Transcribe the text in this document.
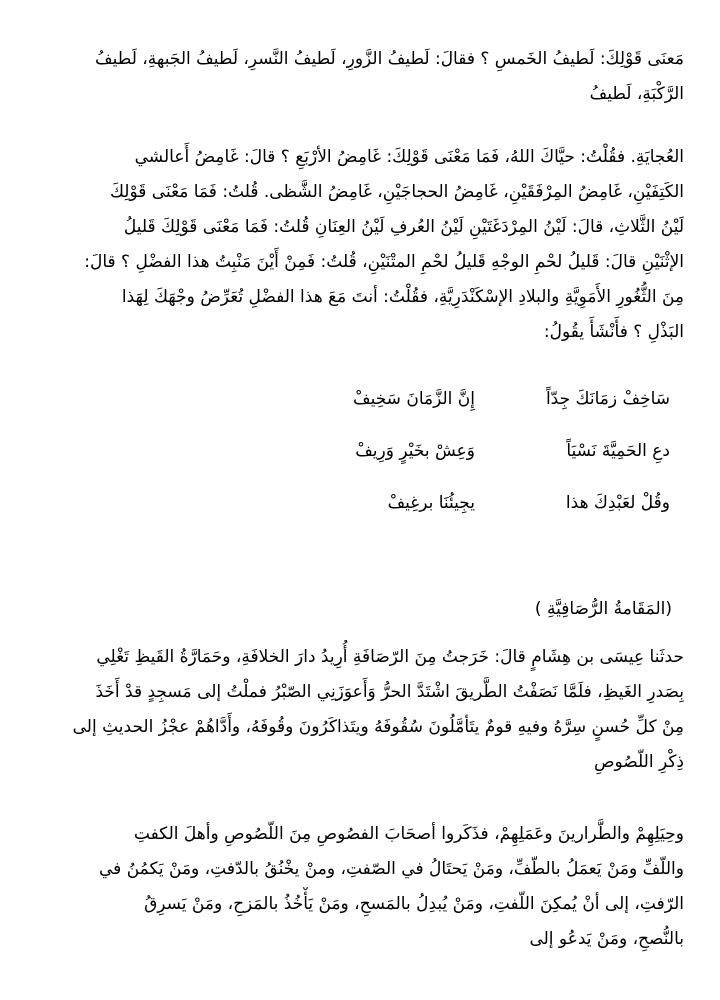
مَعنَى قَوْلِكَ: لَطيفُ الخَمسِ ؟ فقالَ: لَطيفُ الزَّورِ، لَطيفُ النَّسرِ، لَطيفُ الجَبهةِ، لَطيفُ
الرَّكْبَةِ، لَطيفُ
العُجايَةِ. فقُلْتُ: حيَّاكَ اللهُ، فَمَا مَعْنَى قَوْلِكَ: غَامِضُ الأرْبَعِ ؟ قالَ: غَامِضُ أَعالشي
الكَتِفَيْنِ، غَامِضُ المِرْفَقَيْنِ، غَامِضُ الحجاجَيْنِ، غَامِضُ الشَّظى. قُلتُ: فَمَا مَعْنَى قَوْلِكَ
لَيْنُ الثَّلاثِ، قالَ: لَيْنُ المِرْدَغَتَيْنِ لَيْنُ العُرفِ لَيْنُ العِنَانِ قُلتُ: فَمَا مَعْنَى قَوْلِكَ قَليلُ
الإثْنَيْنِ قالَ: قَليلُ لحْمِ الوجْهِ قَليلُ لحْمِ المتْنَيْنِ، قُلتُ: فَمِنْ أَيْنَ مَنْبِتُ هذا الفضْلِ ؟ قالَ:
مِنَ الثُّغُورِ الأَمَوِيَّةِ والبلادِ الإسْكَنْدَرِيَّةِ، فقُلْتُ: أنتَ مَعَ هذا الفضْلِ تُعَرِّضُ وجْهَكَ لِهَذا
البَذْلِ ؟ فأَنْشَأَ يقُولُ:
سَاخِفْ زمَانَكَ جِدّاً
إِنَّ الزَّمَانَ سَخِيفْ
دعِ الحَمِيَّةَ نَسْيَاً
وَعِشْ بخَيْرٍ وَرِيفْ
وقُلْ لعَبْدِكَ هذا
يجِيئُنَا برغِيفْ
(المَقَامةُ الرُّصَافِيَّةِ )
حدثَنا عِيسَى بن هِشَامٍ قالَ: خَرَجتُ مِنَ الرّصَافَةِ أُرِيدُ دارَ الخلافَةِ، وحَمَارَّةُ القَيظِ تَغْلِي
بِصَدرِ الغَيظِ، فلَمَّا نَصَفْتُ الطَّريقَ اشْتَدَّ الحرُّ وَأَعوَزَنِي الصّبْرُ فملْتُ إلى مَسجِدٍ قدْ أَخَذَ
مِنْ كلِّ حُسنٍ سِرَّهُ وفيهِ قومٌ يتَأمَّلُونَ سُقُوفَهُ ويتَذاكَرُونَ وقُوفَهُ، وأَدَّاهُمْ عجْزُ الحديثِ إلى
ذِكْرِ اللّصُوصِ
وحِيَلِهِمْ والطَّرارينَ وعَمَلِهِمْ، فذَكَروا أصحَابَ الفصُوصِ مِنَ اللّصُوصِ وأهلَ الكفتِ
واللّفِّ ومَنْ يَعمَلُ بالطّفِّ، ومَنْ يَحتَالُ في الصّفتِ، ومنْ يخْنُقُ بالدّفتِ، ومَنْ يَكمُنُ في
الرّفتِ، إلى أنْ يُمكِنَ اللّفتِ، ومَنْ يُبدِلُ بالمَسحِ، ومَنْ يَأْخُذُ بالمَزحِ، ومَنْ يَسرِقُ
بالنُّصحِ، ومَنْ يَدعُو إلى
